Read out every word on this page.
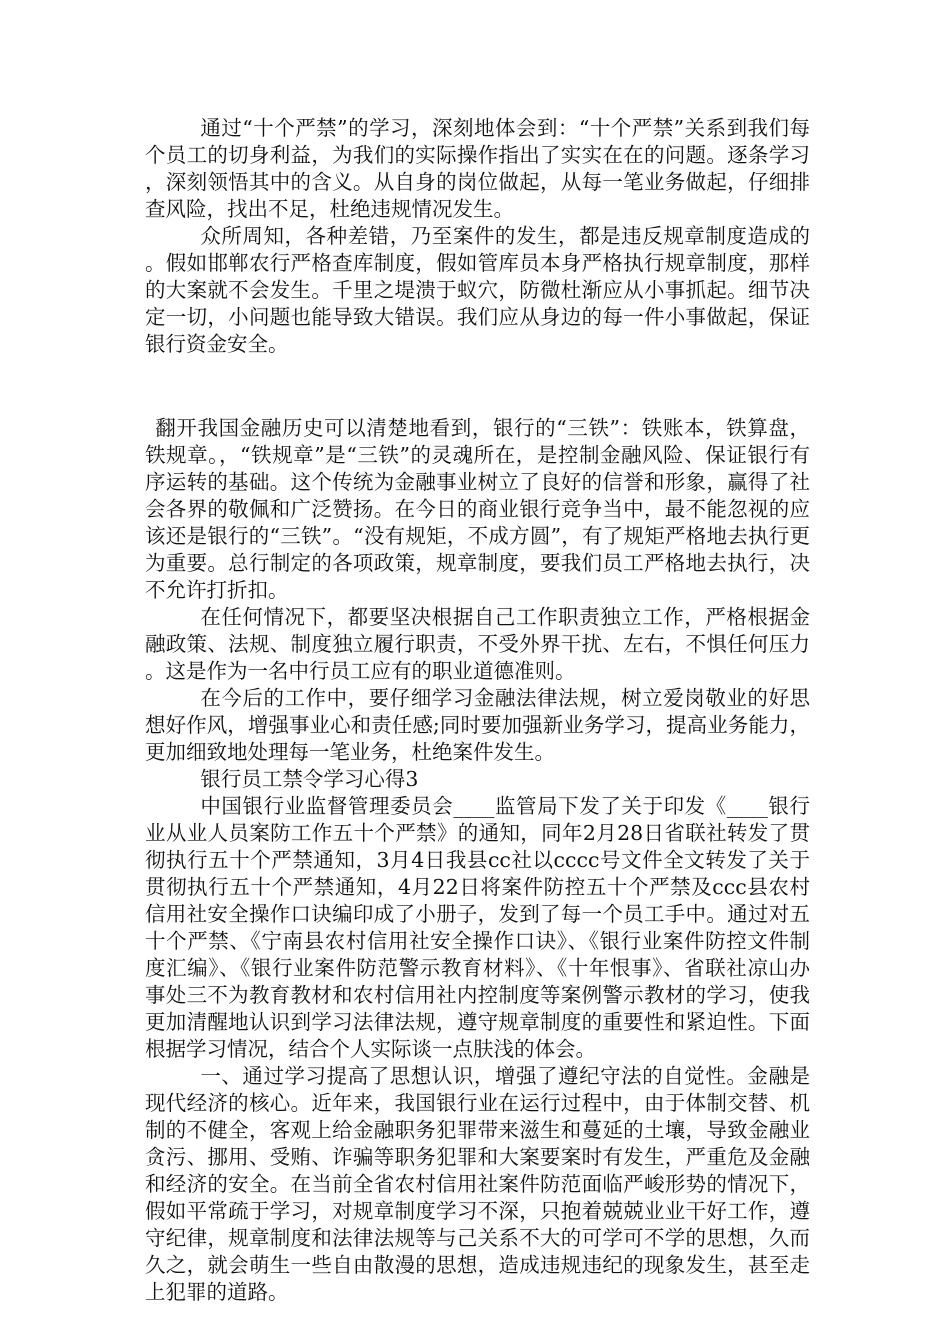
通过“十个严禁”的学习，深刻地体会到：“十个严禁”关系到我们每个员工的切身利益，为我们的实际操作指出了实实在在的问题。逐条学习，深刻领悟其中的含义。从自身的岗位做起，从每一笔业务做起，仔细排查风险，找出不足，杜绝违规情况发生。

众所周知，各种差错，乃至案件的发生，都是违反规章制度造成的。假如邯郸农行严格查库制度，假如管库员本身严格执行规章制度，那样的大案就不会发生。千里之堤溃于蚁穴，防微杜渐应从小事抓起。细节决定一切，小问题也能导致大错误。我们应从身边的每一件小事做起，保证银行资金安全。

翻开我国金融历史可以清楚地看到，银行的“三铁”：铁账本，铁算盘，铁规章。，“铁规章”是“三铁”的灵魂所在，是控制金融风险、保证银行有序运转的基础。这个传统为金融事业树立了良好的信誉和形象，赢得了社会各界的敬佩和广泛赞扬。在今日的商业银行竞争当中，最不能忽视的应该还是银行的“三铁”。“没有规矩，不成方圆”，有了规矩严格地去执行更为重要。总行制定的各项政策，规章制度，要我们员工严格地去执行，决不允许打折扣。

在任何情况下，都要坚决根据自己工作职责独立工作，严格根据金融政策、法规、制度独立履行职责，不受外界干扰、左右，不惧任何压力。这是作为一名中行员工应有的职业道德准则。

在今后的工作中，要仔细学习金融法律法规，树立爱岗敬业的好思想好作风，增强事业心和责任感;同时要加强新业务学习，提高业务能力，更加细致地处理每一笔业务，杜绝案件发生。

银行员工禁令学习心得3

中国银行业监督管理委员会____监管局下发了关于印发《____银行业从业人员案防工作五十个严禁》的通知，同年2月28日省联社转发了贯彻执行五十个严禁通知，3月4日我县cc社以cccc号文件全文转发了关于贯彻执行五十个严禁通知，4月22日将案件防控五十个严禁及ccc县农村信用社安全操作口诀编印成了小册子，发到了每一个员工手中。通过对五十个严禁、《宁南县农村信用社安全操作口诀》、《银行业案件防控文件制度汇编》、《银行业案件防范警示教育材料》、《十年恨事》、省联社凉山办事处三不为教育教材和农村信用社内控制度等案例警示教材的学习，使我更加清醒地认识到学习法律法规，遵守规章制度的重要性和紧迫性。下面根据学习情况，结合个人实际谈一点肤浅的体会。

一、通过学习提高了思想认识，增强了遵纪守法的自觉性。金融是现代经济的核心。近年来，我国银行业在运行过程中，由于体制交替、机制的不健全，客观上给金融职务犯罪带来滋生和蔓延的土壤，导致金融业贪污、挪用、受贿、诈骗等职务犯罪和大案要案时有发生，严重危及金融和经济的安全。在当前全省农村信用社案件防范面临严峻形势的情况下，假如平常疏于学习，对规章制度学习不深，只抱着兢兢业业干好工作，遵守纪律，规章制度和法律法规等与己关系不大的可学可不学的思想，久而久之，就会萌生一些自由散漫的思想，造成违规违纪的现象发生，甚至走上犯罪的道路。
